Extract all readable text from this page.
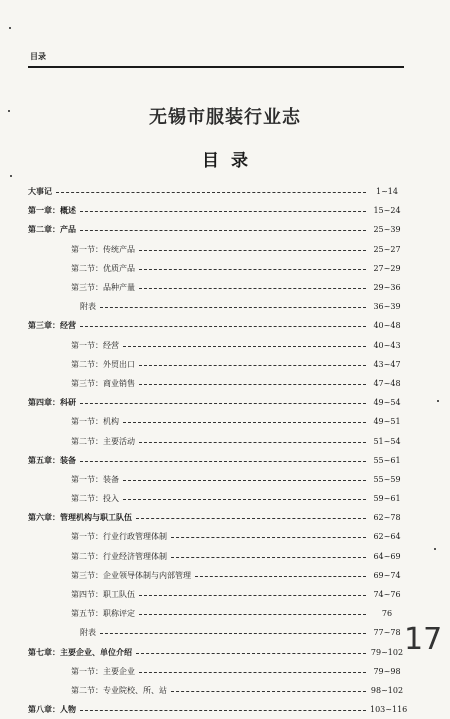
目录
无锡市服装行业志
目录
大事记	1~14
第一章：概述	15~24
第二章：产品	25~39
第一节：传统产品	25~27
第二节：优质产品	27~29
第三节：品种产量	29~36
附表	36~39
第三章：经营	40~48
第一节：经营	40~43
第二节：外贸出口	43~47
第三节：商业销售	47~48
第四章：科研	49~54
第一节：机构	49~51
第二节：主要活动	51~54
第五章：装备	55~61
第一节：装备	55~59
第二节：投入	59~61
第六章：管理机构与职工队伍	62~78
第一节：行业行政管理体制	62~64
第二节：行业经济管理体制	64~69
第三节：企业领导体制与内部管理	69~74
第四节：职工队伍	74~76
第五节：职称评定	76
附表	77~78
第七章：主要企业、单位介绍	79~102
第一节：主要企业	79~98
第二节：专业院校、所、站	98~102
第八章：人物	103~116
17
